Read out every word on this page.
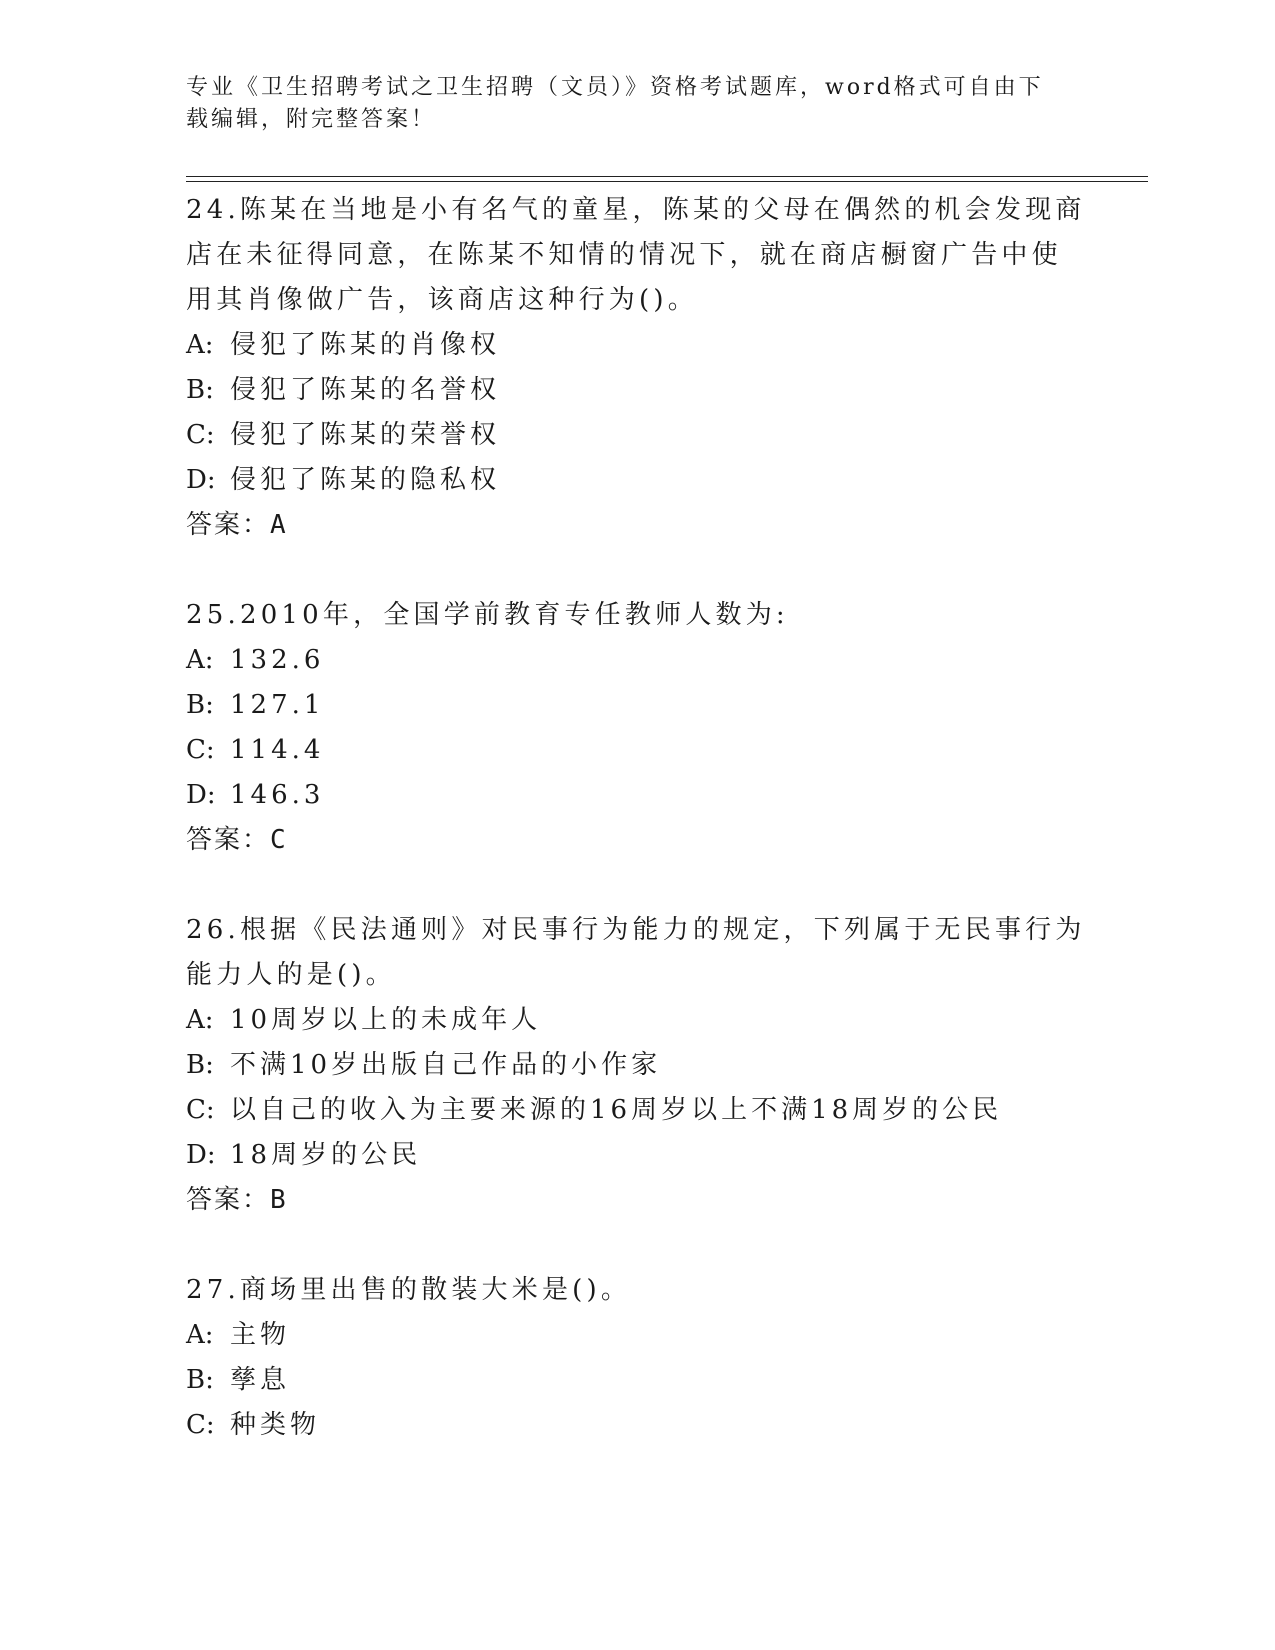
专业《卫生招聘考试之卫生招聘（文员）》资格考试题库，word格式可自由下载编辑，附完整答案！

24.陈某在当地是小有名气的童星，陈某的父母在偶然的机会发现商店在未征得同意，在陈某不知情的情况下，就在商店橱窗广告中使用其肖像做广告，该商店这种行为()。

A: 侵犯了陈某的肖像权

B: 侵犯了陈某的名誉权

C: 侵犯了陈某的荣誉权

D: 侵犯了陈某的隐私权

答案：A

25.2010年，全国学前教育专任教师人数为:

A: 132.6

B: 127.1

C: 114.4

D: 146.3

答案：C

26.根据《民法通则》对民事行为能力的规定，下列属于无民事行为能力人的是()。

A: 10周岁以上的未成年人

B: 不满10岁出版自己作品的小作家

C: 以自己的收入为主要来源的16周岁以上不满18周岁的公民

D: 18周岁的公民

答案：B

27.商场里出售的散装大米是()。

A: 主物

B: 孳息

C: 种类物
